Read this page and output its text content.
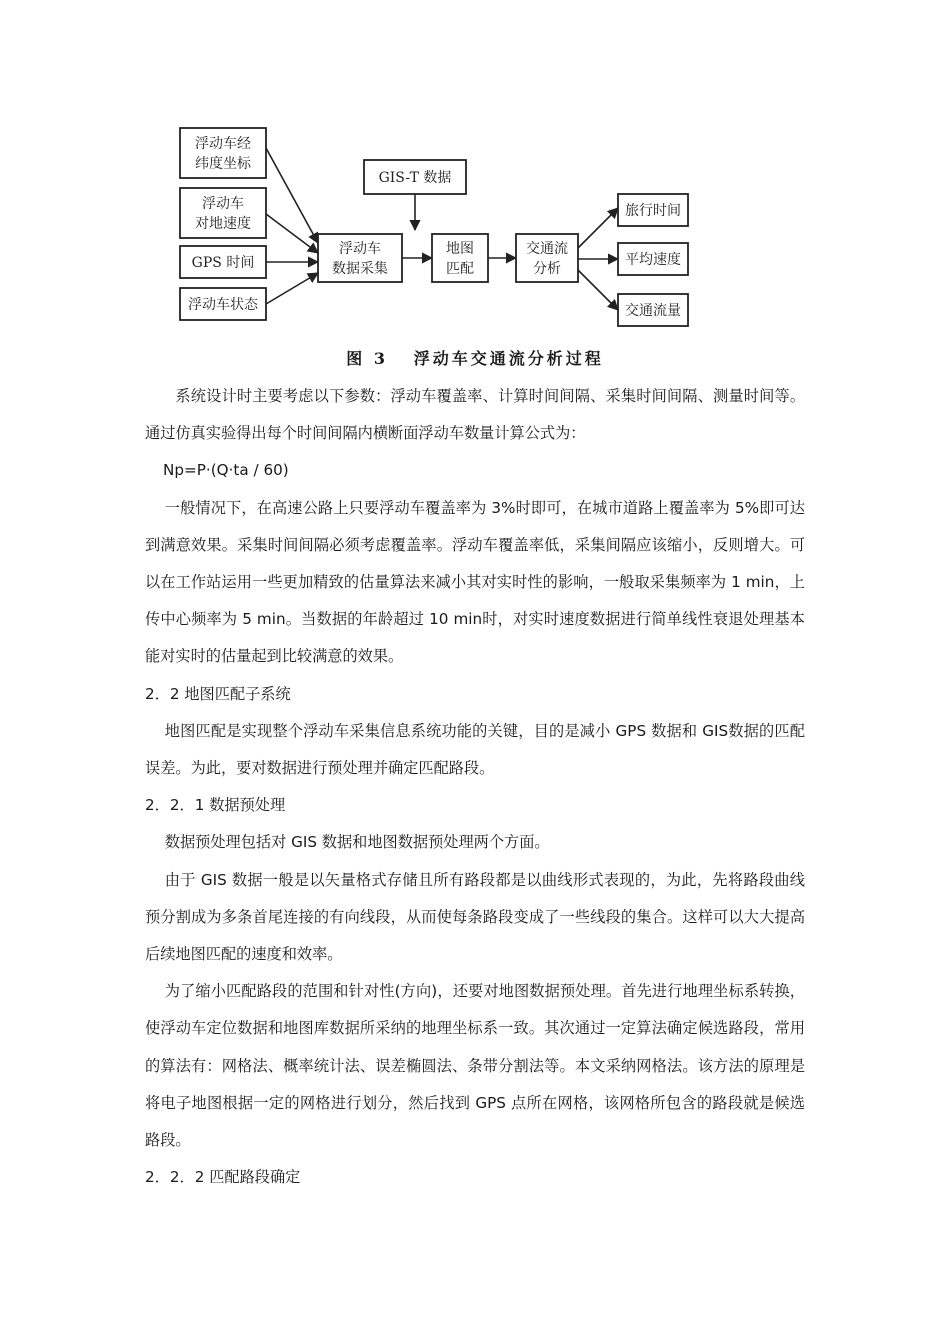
浮动车经
纬度坐标
浮动车
对地速度
GPS 时间
浮动车状态
浮动车
数据采集
GIS-T 数据
地图
匹配
交通流
分析
旅行时间
平均速度
交通流量
图 3   浮动车交通流分析过程

系统设计时主要考虑以下参数：浮动车覆盖率、计算时间间隔、采集时间间隔、测量时间等。通过仿真实验得出每个时间间隔内横断面浮动车数量计算公式为：

Np=P·(Q·ta / 60)

一般情况下，在高速公路上只要浮动车覆盖率为 3%时即可，在城市道路上覆盖率为 5%即可达到满意效果。采集时间间隔必须考虑覆盖率。浮动车覆盖率低，采集间隔应该缩小，反则增大。可以在工作站运用一些更加精致的估量算法来减小其对实时性的影响，一般取采集频率为 1 min，上传中心频率为 5 min。当数据的年龄超过 10 min时，对实时速度数据进行简单线性衰退处理基本能对实时的估量起到比较满意的效果。

2．2 地图匹配子系统

地图匹配是实现整个浮动车采集信息系统功能的关键，目的是减小 GPS 数据和 GIS数据的匹配误差。为此，要对数据进行预处理并确定匹配路段。

2．2．1 数据预处理

数据预处理包括对 GIS 数据和地图数据预处理两个方面。

由于 GIS 数据一般是以矢量格式存储且所有路段都是以曲线形式表现的，为此，先将路段曲线预分割成为多条首尾连接的有向线段，从而使每条路段变成了一些线段的集合。这样可以大大提高后续地图匹配的速度和效率。

为了缩小匹配路段的范围和针对性(方向)，还要对地图数据预处理。首先进行地理坐标系转换，使浮动车定位数据和地图库数据所采纳的地理坐标系一致。其次通过一定算法确定候选路段，常用的算法有：网格法、概率统计法、误差椭圆法、条带分割法等。本文采纳网格法。该方法的原理是将电子地图根据一定的网格进行划分，然后找到 GPS 点所在网格，该网格所包含的路段就是候选路段。

2．2．2 匹配路段确定
